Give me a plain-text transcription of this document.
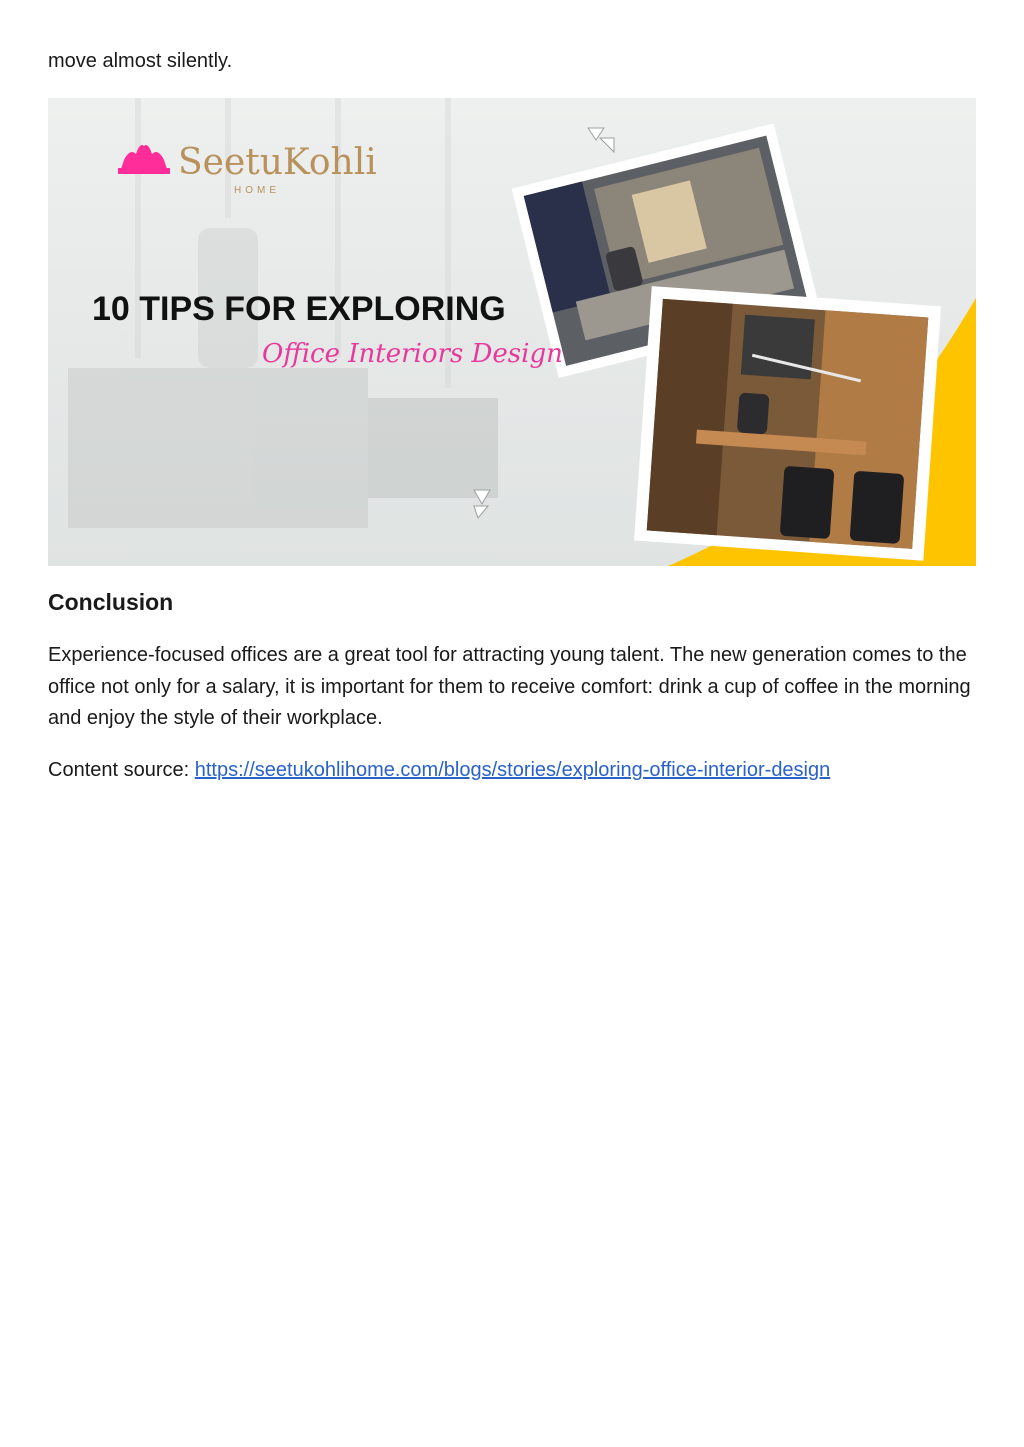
move almost silently.

SeetuKohli
HOME
10 TIPS FOR EXPLORING
Office Interiors Design
Conclusion

Experience-focused offices are a great tool for attracting young talent. The new generation comes to the office not only for a salary, it is important for them to receive comfort: drink a cup of coffee in the morning and enjoy the style of their workplace.

Content source: https://seetukohlihome.com/blogs/stories/exploring-office-interior-design
